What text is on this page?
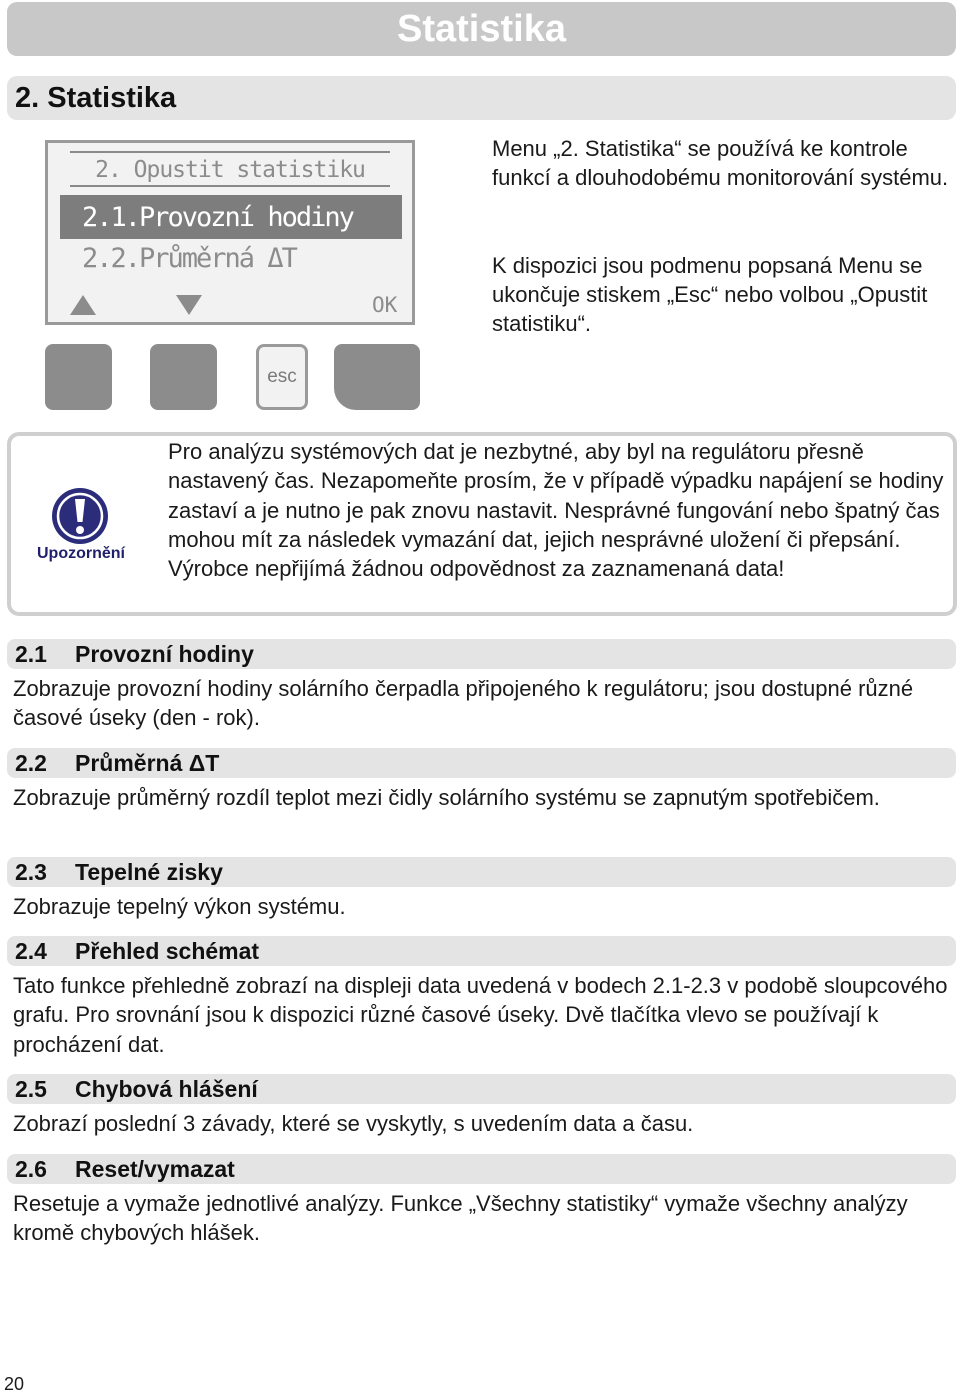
Statistika
2. Statistika
2. Opustit statistiku
2.1.Provozní hodiny
2.2.Průměrná ΔT
OK
esc

Menu „2. Statistika“ se používá ke kontrole funkcí a dlouhodobému monitorování systému.

K dispozici jsou podmenu popsaná Menu se ukončuje stiskem „Esc“ nebo volbou „Opustit statistiku“.

Upozornění
Pro analýzu systémových dat je nezbytné, aby byl na regulátoru přesně nastavený čas. Nezapomeňte prosím, že v případě výpadku napájení se hodiny zastaví a je nutno je pak znovu nastavit. Nesprávné fungování nebo špatný čas mohou mít za následek vymazání dat, jejich nesprávné uložení či přepsání. Výrobce nepřijímá žádnou odpovědnost za zaznamenaná data!
2.1	Provozní hodiny
Zobrazuje provozní hodiny solárního čerpadla připojeného k regulátoru; jsou dostupné různé časové úseky (den - rok).
2.2	Průměrná ΔT
Zobrazuje průměrný rozdíl teplot mezi čidly solárního systému se zapnutým spotřebičem.
2.3	Tepelné zisky
Zobrazuje tepelný výkon systému.
2.4	Přehled schémat
Tato funkce přehledně zobrazí na displeji data uvedená v bodech 2.1-2.3 v podobě sloupcového grafu. Pro srovnání jsou k dispozici různé časové úseky. Dvě tlačítka vlevo se používají k procházení dat.
2.5	Chybová hlášení
Zobrazí poslední 3 závady, které se vyskytly, s uvedením data a času.
2.6	Reset/vymazat
Resetuje a vymaže jednotlivé analýzy. Funkce „Všechny statistiky“ vymaže všechny analýzy kromě chybových hlášek.
20
